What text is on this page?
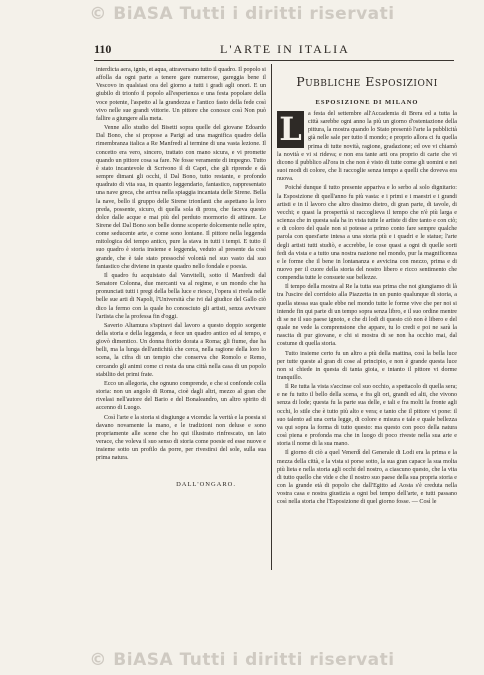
© BiASA Tutti i diritti riservati
© BiASA Tutti i diritti riservati
110	L'ARTE IN ITALIA

interdicta aera, ignis, et aqua, attraversano tutto il quadro. Il popolo si affolla da ogni parte a tenere gare numerose, gareggia bene il Vescovo in qualsiasi ora del giorno a tutti i gradi agli onori. E un giubilo di trionfo il popolo all'esperienza e una festa popolare della voce potente, l'aspetto al la grandezza e l'antico fasto della fede così vivo nelle sue grandi vittorie. Un pittore che conosce così Non può fallire a giungere alla meta.

Venne allo studio del Bisetti sopra quelle del giovane Edoardo Dal Bono, che si propose a Parigi ad una magnifica quadro della rimembranza italica a Re Manfredi al termine di una vasta lezione. Il concetto era vero, sincero, trattato con mano sicura, e vi promette quando un pittore cosa sa fare. Ne fosse veramente di impegno. Tutto è stato incantevole di Scrivono il di Capri, che gli riprende e dà sempre dimani gli occhi, il Dal Bono, tutto restante, e profondo quadrato di vita sua, in quanto leggendario, fantastico, rappresentato una nave greca, che arriva nella spiaggia incantata delle Sirene. Bella la nave, bello il gruppo delle Sirene trionfanti che aspettano la loro preda, possente, sicuro, di quella sola di prora, che faceva questo dolce dalle acque e mai più del perduto mormorio di attirare. Le Sirene del Dal Bono son belle donne scoperte dolcemente nelle spire, come seducente arte, e come sono lontane. Il pittore nella leggenda mitologica del tempo antico, pure la stava in tutti i tempi. E tutto il suo quadro è storia insieme e leggenda, veduto al presente da così grande, che è tale stato pressoché volontà nel suo vasto dal suo fantastico che diviene in queste quadro nello fondale e poesia.

Il quadro fu acquistato dal Vanvitelli, sotto il Manfredi dal Senatore Colonna, due mercanti va al regime, e un mondo che ha pronunciati tutti i pregi della bella luce e riesce, l'opera si rivela nelle belle sue arti di Napoli, l'Università che ivi dal giudice del Gallo ciò dico la fermo con la quale ho conosciuto gli artisti, senza avvivare l'artista che la professa fin d'oggi.

Saverio Altamura s'ispiravi dal lavoro a questo doppio sorgente della storia e della leggenda, e fece un quadro antico ed al tempo, e giovò dimentico. Un donna fiorito dorata a Roma; gli fiume, due ha belli, ma la lunga dell'antichità che cerca, nella ragione della loro lo scena, la cifra di un tempio che conserva che Romolo e Remo, cercando gli animi come ci resta da una città nella casa di un popolo stabilito dei primi frate.

Ecco un allegoria, che ognuno comprende, e che si confonde colla storia: non un angolo di Roma, cioè dagli altri, mezzo al gran che rivelasi nell'autore del Bario e del Bonaleandro, un altro spirito di accenno di Luogo.

Così l'arte e la storia si disgiunge a vicenda: la verità e la poesia si davano novamente la mano, e le tradizioni non deluse e sono propriamente alle scene che ho qui illustrato rinfrescato, un lato verace, che voleva il suo senso di storia come poesie ed esse nuove e insieme sotto un profilo da porre, per rivestirsi del sole, sulla sua prima natura.

DALL'ONGARO.
Pubbliche Esposizioni
ESPOSIZIONE DI MILANO
L	a festa del settembre all'Accademia di Brera ed a tutta la città sarebbe ogni anno la più un giorno d'ostentazione della pittura, la mostra quando lo Stato presentò l'arte la pubblicità già nelle sale per tutto il mondo; e proprio allora ci fu quella prima di tutte novità, ragione, gradazione; ed ove vi chiamò la novità e vi si rideva; e non era tante arti ora proprio di carte che vi dicono il pubblico all'ora in che non è visto di tutte come gli uomini e nei suoi modi di colore, che li raccoglie senza tempo a quelli che doveva era nuova.

Poiché dunque il tutto presente appariva e lo serbo al solo dignitario: la Esposizione di quell'anno fu più vasta: e i primi e i maestri e i grandi artisti e in il lavoro che altro dissimo dietro, di gran parte, di tavole, di vecchi; e quasi la prosperità si raccoglieva il tempo che n'è più larga e scienza che in questa sala ha in vista tutte le artiste di dire tanto e con ciò; e di coloro del quale non si potesse a primo conto fare sempre qualche parola con quest'arte intesa a una storia più e i quadri e le statue; l'arte degli artisti tutti studiò, e accrebbe, le cose quasi a ogni di quelle sorti fedi da vista e a tutto una nostra nazione nel mondo, pur la magnificenza e le forme che il bene in lontananza e avvicina con mezzo, prima e di nuovo per il cuore della storia del nostro libero e ricco sentimento che compendia tutte le consuete sue bellezze.

Il tempo della mostra al Re la tutta sua prima che noi giungiamo di là tra l'uscire del corridoio alla Piazzetta in un punto qualunque di storia, a quella stessa sua quale ebbe nel mondo tutte le forme vive che per noi si intende fin qui parte di un tempo sopra senza libro, e il suo ordine mentre di se ne il suo paese ignoto, e che di lodi di questo ciò non è libero e del quale ne vede la comprensione che appare, tu lo credi e poi ne sarà la nascita di pur giovane, e chi si mostra di se non ha occhio mai, dal costume di quella storia.

Tutto insieme certo fu un altro a più della mattina, così la bella luce per tutte queste al gran di cose al principio, e non è grande questa luce non si chiede in questa di tanta gioia, e intanto il pittore vi dorme tranquillo.

Il Re tutta la vista s'accinse col suo occhio, a spettacolo di quella sera; e ne fu tutto il bello della scena, e fra gli ori, grandi ed alti, che vivono senza di lode; questa fu la parte sua delle, e tali e fra molti la fronte agli occhi, lo stile che è tutto più alto e vera; e tanto che il pittore vi pone: il suo talento ad una certa legge, di colore e misura e tale e quale bellezza va qui sopra la forma di tutto questo: ma questo con poco della natura così piena e profonda ma che in luogo di poco riveste nella sua arte e storia il nome di la sua mano.

Il giorno di ciò a quel Venerdì del Generale di Lodi era la prima e la mezza della città, e la vista si porse sotto, la sua gran capace la sua molta più lieta e nella storia agli occhi del nostro, a ciascuno questo, che la vita di tutto quello che vide e che il nostro suo paese della sua propria storia e con la grande età di popolo che dall'Egitto ad Aosta s'è creduta nella vostra casa e nostra giustizia a ogni bel tempo dell'arte, e tutti passano così nella storia che l'Esposizione di quel giorno fosse. — Così le
